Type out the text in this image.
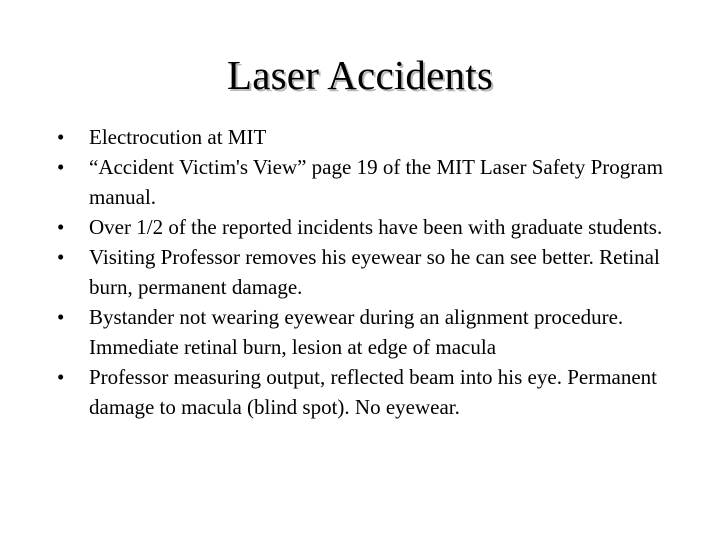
Laser Accidents
•	Electrocution at MIT
•	“Accident Victim's View” page 19 of the MIT Laser Safety Program manual.
•	Over 1/2 of the reported incidents have been with graduate students.
•	Visiting Professor removes his eyewear so he can see better. Retinal burn, permanent damage.
•	Bystander not wearing eyewear during an alignment procedure. Immediate retinal burn, lesion at edge of macula
•	Professor measuring output, reflected beam into his eye. Permanent damage to macula (blind spot). No eyewear.
